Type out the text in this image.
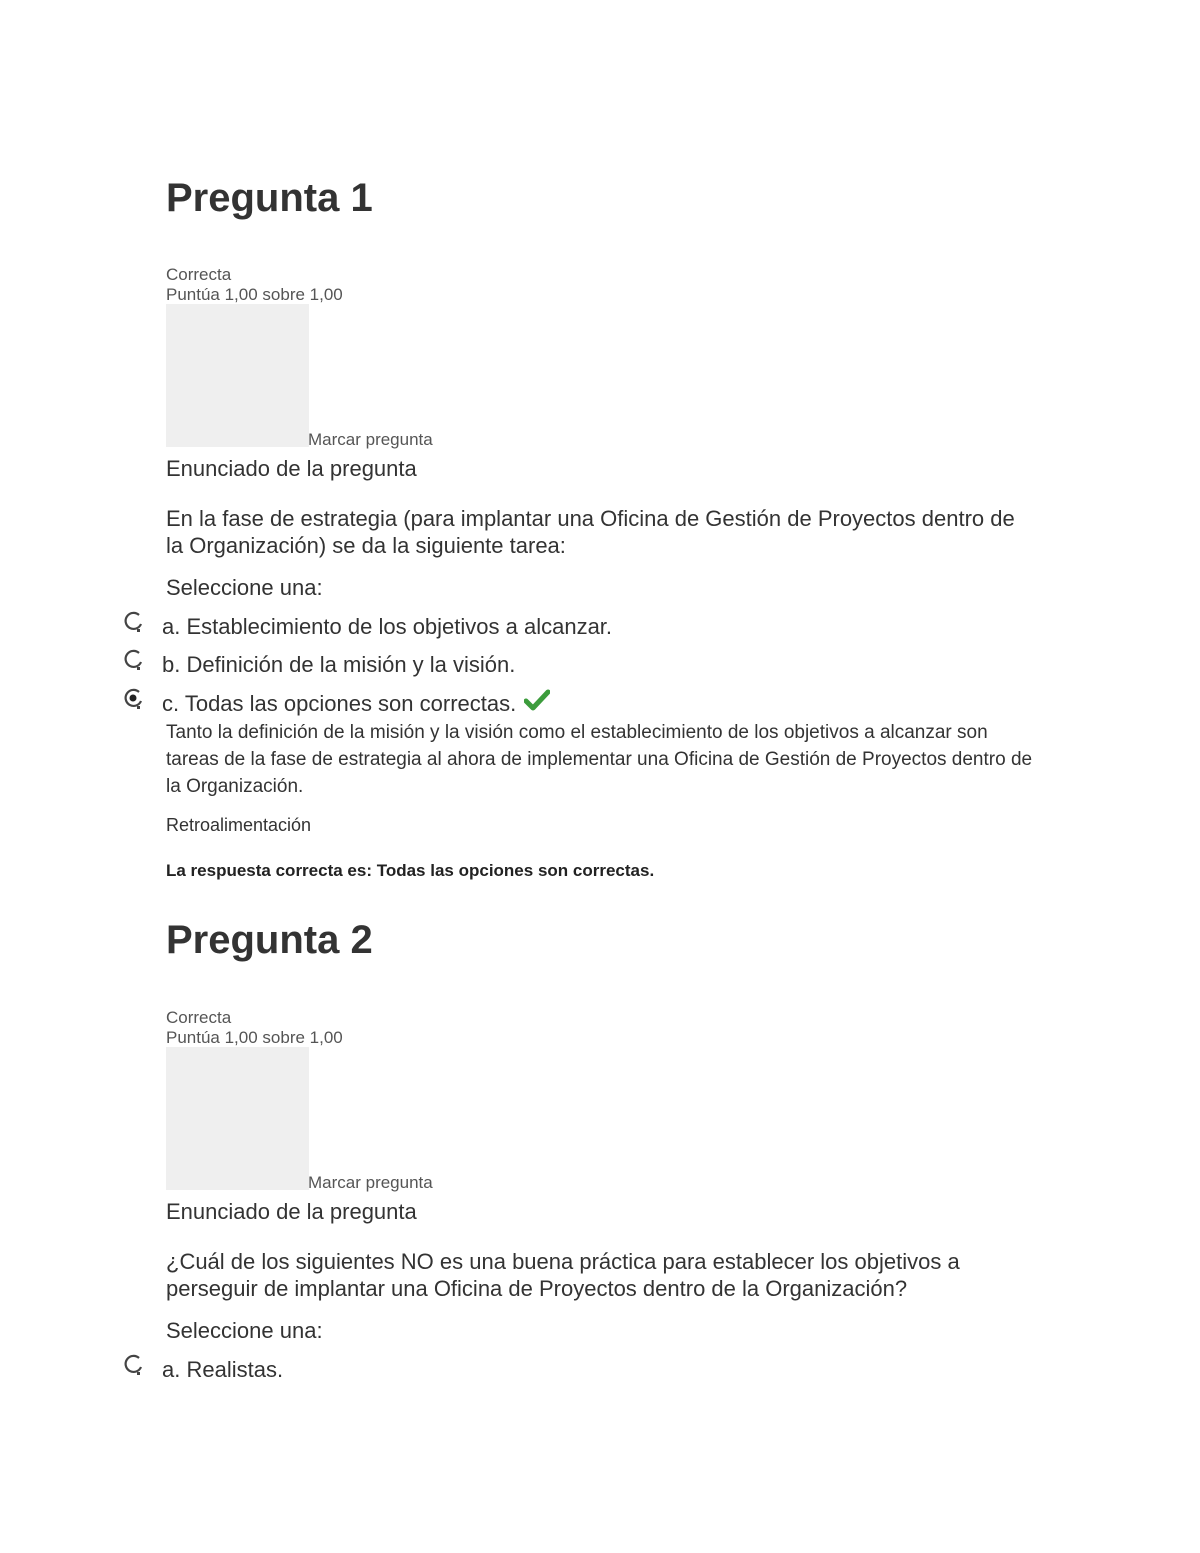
Pregunta 1
Correcta
Puntúa 1,00 sobre 1,00
Marcar pregunta
Enunciado de la pregunta
En la fase de estrategia (para implantar una Oficina de Gestión de Proyectos dentro de la Organización) se da la siguiente tarea:
Seleccione una:
a. Establecimiento de los objetivos a alcanzar.
b. Definición de la misión y la visión.
c. Todas las opciones son correctas.
Tanto la definición de la misión y la visión como el establecimiento de los objetivos a alcanzar son tareas de la fase de estrategia al ahora de implementar una Oficina de Gestión de Proyectos dentro de la Organización.
Retroalimentación
La respuesta correcta es: Todas las opciones son correctas.
Pregunta 2
Correcta
Puntúa 1,00 sobre 1,00
Marcar pregunta
Enunciado de la pregunta
¿Cuál de los siguientes NO es una buena práctica para establecer los objetivos a perseguir de implantar una Oficina de Proyectos dentro de la Organización?
Seleccione una:
a. Realistas.
